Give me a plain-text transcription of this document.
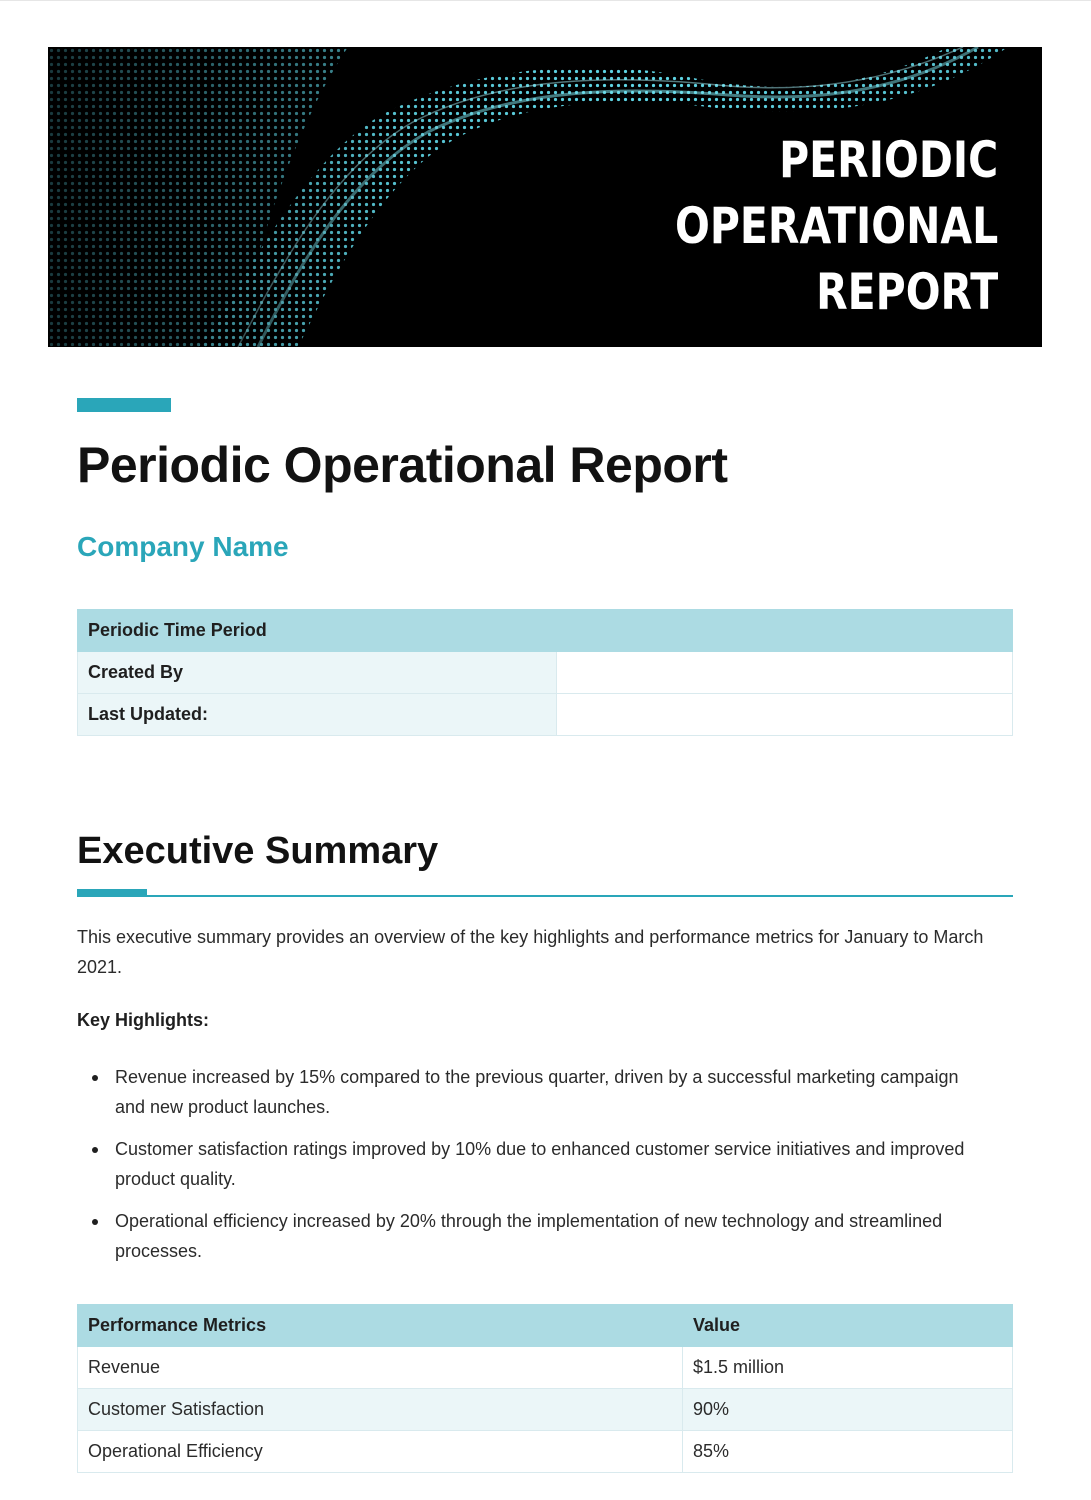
PERIODIC
OPERATIONAL
REPORT
Periodic Operational Report
Company Name
Periodic Time Period	
Created By	
Last Updated:	
Executive Summary

This executive summary provides an overview of the key highlights and performance metrics for January to March 2021.

Key Highlights:

Revenue increased by 15% compared to the previous quarter, driven by a successful marketing campaign and new product launches.
Customer satisfaction ratings improved by 10% due to enhanced customer service initiatives and improved product quality.
Operational efficiency increased by 20% through the implementation of new technology and streamlined processes.
Performance Metrics	Value
Revenue	$1.5 million
Customer Satisfaction	90%
Operational Efficiency	85%
